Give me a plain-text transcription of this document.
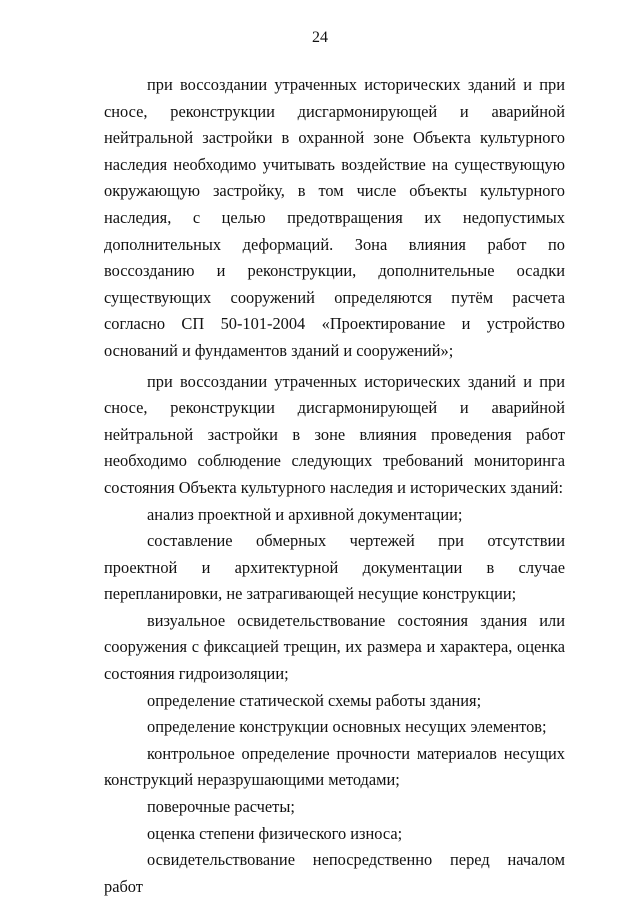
24

при воссоздании утраченных исторических зданий и при сносе, реконструкции дисгармонирующей и аварийной нейтральной застройки в охранной зоне Объекта культурного наследия необходимо учитывать воздействие на существующую окружающую застройку, в том числе объекты культурного наследия, с целью предотвращения их недопустимых дополнительных деформаций. Зона влияния работ по воссозданию и реконструкции, дополнительные осадки существующих сооружений определяются путём расчета согласно СП 50-101-2004 «Проектирование и устройство оснований и фундаментов зданий и сооружений»;

при воссоздании утраченных исторических зданий и при сносе, реконструкции дисгармонирующей и аварийной нейтральной застройки в зоне влияния проведения работ необходимо соблюдение следующих требований мониторинга состояния Объекта культурного наследия и исторических зданий:

анализ проектной и архивной документации;

составление обмерных чертежей при отсутствии проектной и архитектурной документации в случае перепланировки, не затрагивающей несущие конструкции;

визуальное освидетельствование состояния здания или сооружения с фиксацией трещин, их размера и характера, оценка состояния гидроизоляции;

определение статической схемы работы здания;

определение конструкции основных несущих элементов;

контрольное определение прочности материалов несущих конструкций неразрушающими методами;

поверочные расчеты;

оценка степени физического износа;

освидетельствование непосредственно перед началом работ
